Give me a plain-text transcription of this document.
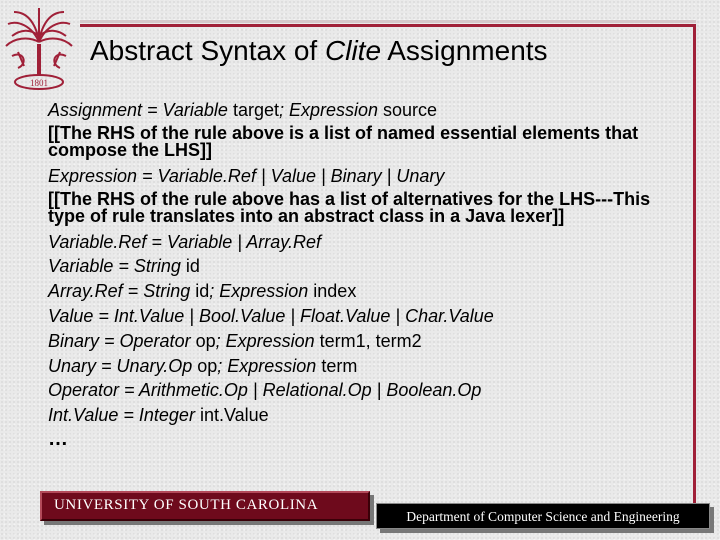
1801
Abstract Syntax of Clite Assignments
Assignment = Variable target; Expression source
[[The RHS of the rule above is a list of named essential elements that compose the LHS]]
Expression = Variable.Ref | Value | Binary | Unary
[[The RHS of the rule above has a list of alternatives for the LHS---This type of rule translates into an abstract class in a Java lexer]]
Variable.Ref = Variable | Array.Ref
Variable = String id
Array.Ref = String id; Expression index
Value = Int.Value | Bool.Value | Float.Value | Char.Value
Binary = Operator op; Expression term1, term2
Unary = Unary.Op op; Expression term
Operator = Arithmetic.Op | Relational.Op | Boolean.Op
Int.Value = Integer int.Value
…
UNIVERSITY OF SOUTH CAROLINA
Department of Computer Science and Engineering
